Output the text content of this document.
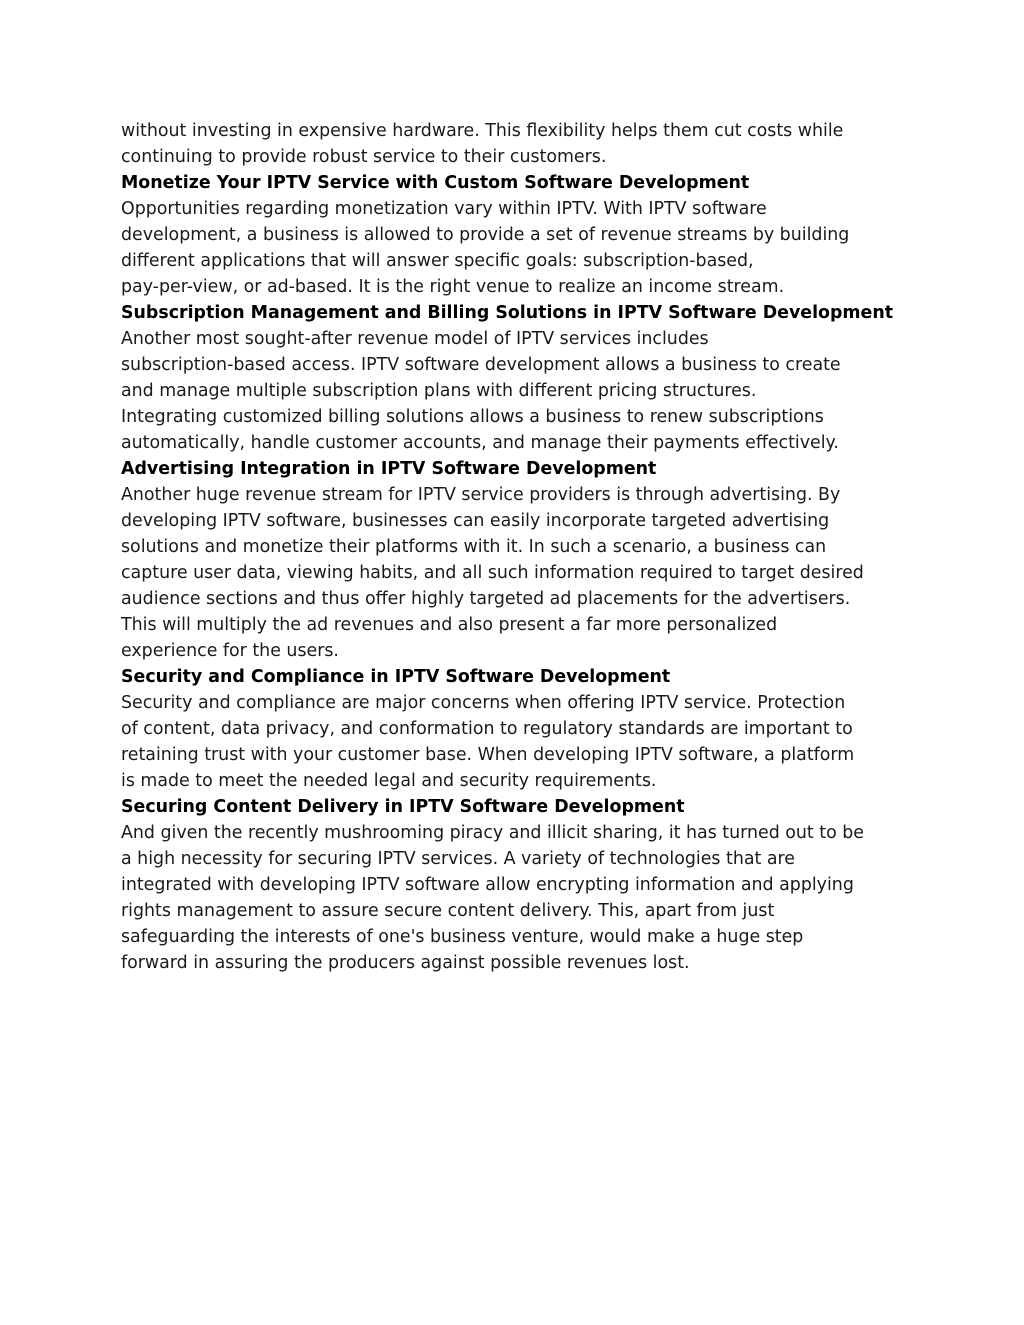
without investing in expensive hardware. This flexibility helps them cut costs while
continuing to provide robust service to their customers.

Monetize Your IPTV Service with Custom Software Development

Opportunities regarding monetization vary within IPTV. With IPTV software
development, a business is allowed to provide a set of revenue streams by building
different applications that will answer specific goals: subscription-based,
pay-per-view, or ad-based. It is the right venue to realize an income stream.

Subscription Management and Billing Solutions in IPTV Software Development

Another most sought-after revenue model of IPTV services includes
subscription-based access. IPTV software development allows a business to create
and manage multiple subscription plans with different pricing structures.
Integrating customized billing solutions allows a business to renew subscriptions
automatically, handle customer accounts, and manage their payments effectively.

Advertising Integration in IPTV Software Development

Another huge revenue stream for IPTV service providers is through advertising. By
developing IPTV software, businesses can easily incorporate targeted advertising
solutions and monetize their platforms with it. In such a scenario, a business can
capture user data, viewing habits, and all such information required to target desired
audience sections and thus offer highly targeted ad placements for the advertisers.
This will multiply the ad revenues and also present a far more personalized
experience for the users.

Security and Compliance in IPTV Software Development

Security and compliance are major concerns when offering IPTV service. Protection
of content, data privacy, and conformation to regulatory standards are important to
retaining trust with your customer base. When developing IPTV software, a platform
is made to meet the needed legal and security requirements.

Securing Content Delivery in IPTV Software Development

And given the recently mushrooming piracy and illicit sharing, it has turned out to be
a high necessity for securing IPTV services. A variety of technologies that are
integrated with developing IPTV software allow encrypting information and applying
rights management to assure secure content delivery. This, apart from just
safeguarding the interests of one's business venture, would make a huge step
forward in assuring the producers against possible revenues lost.
